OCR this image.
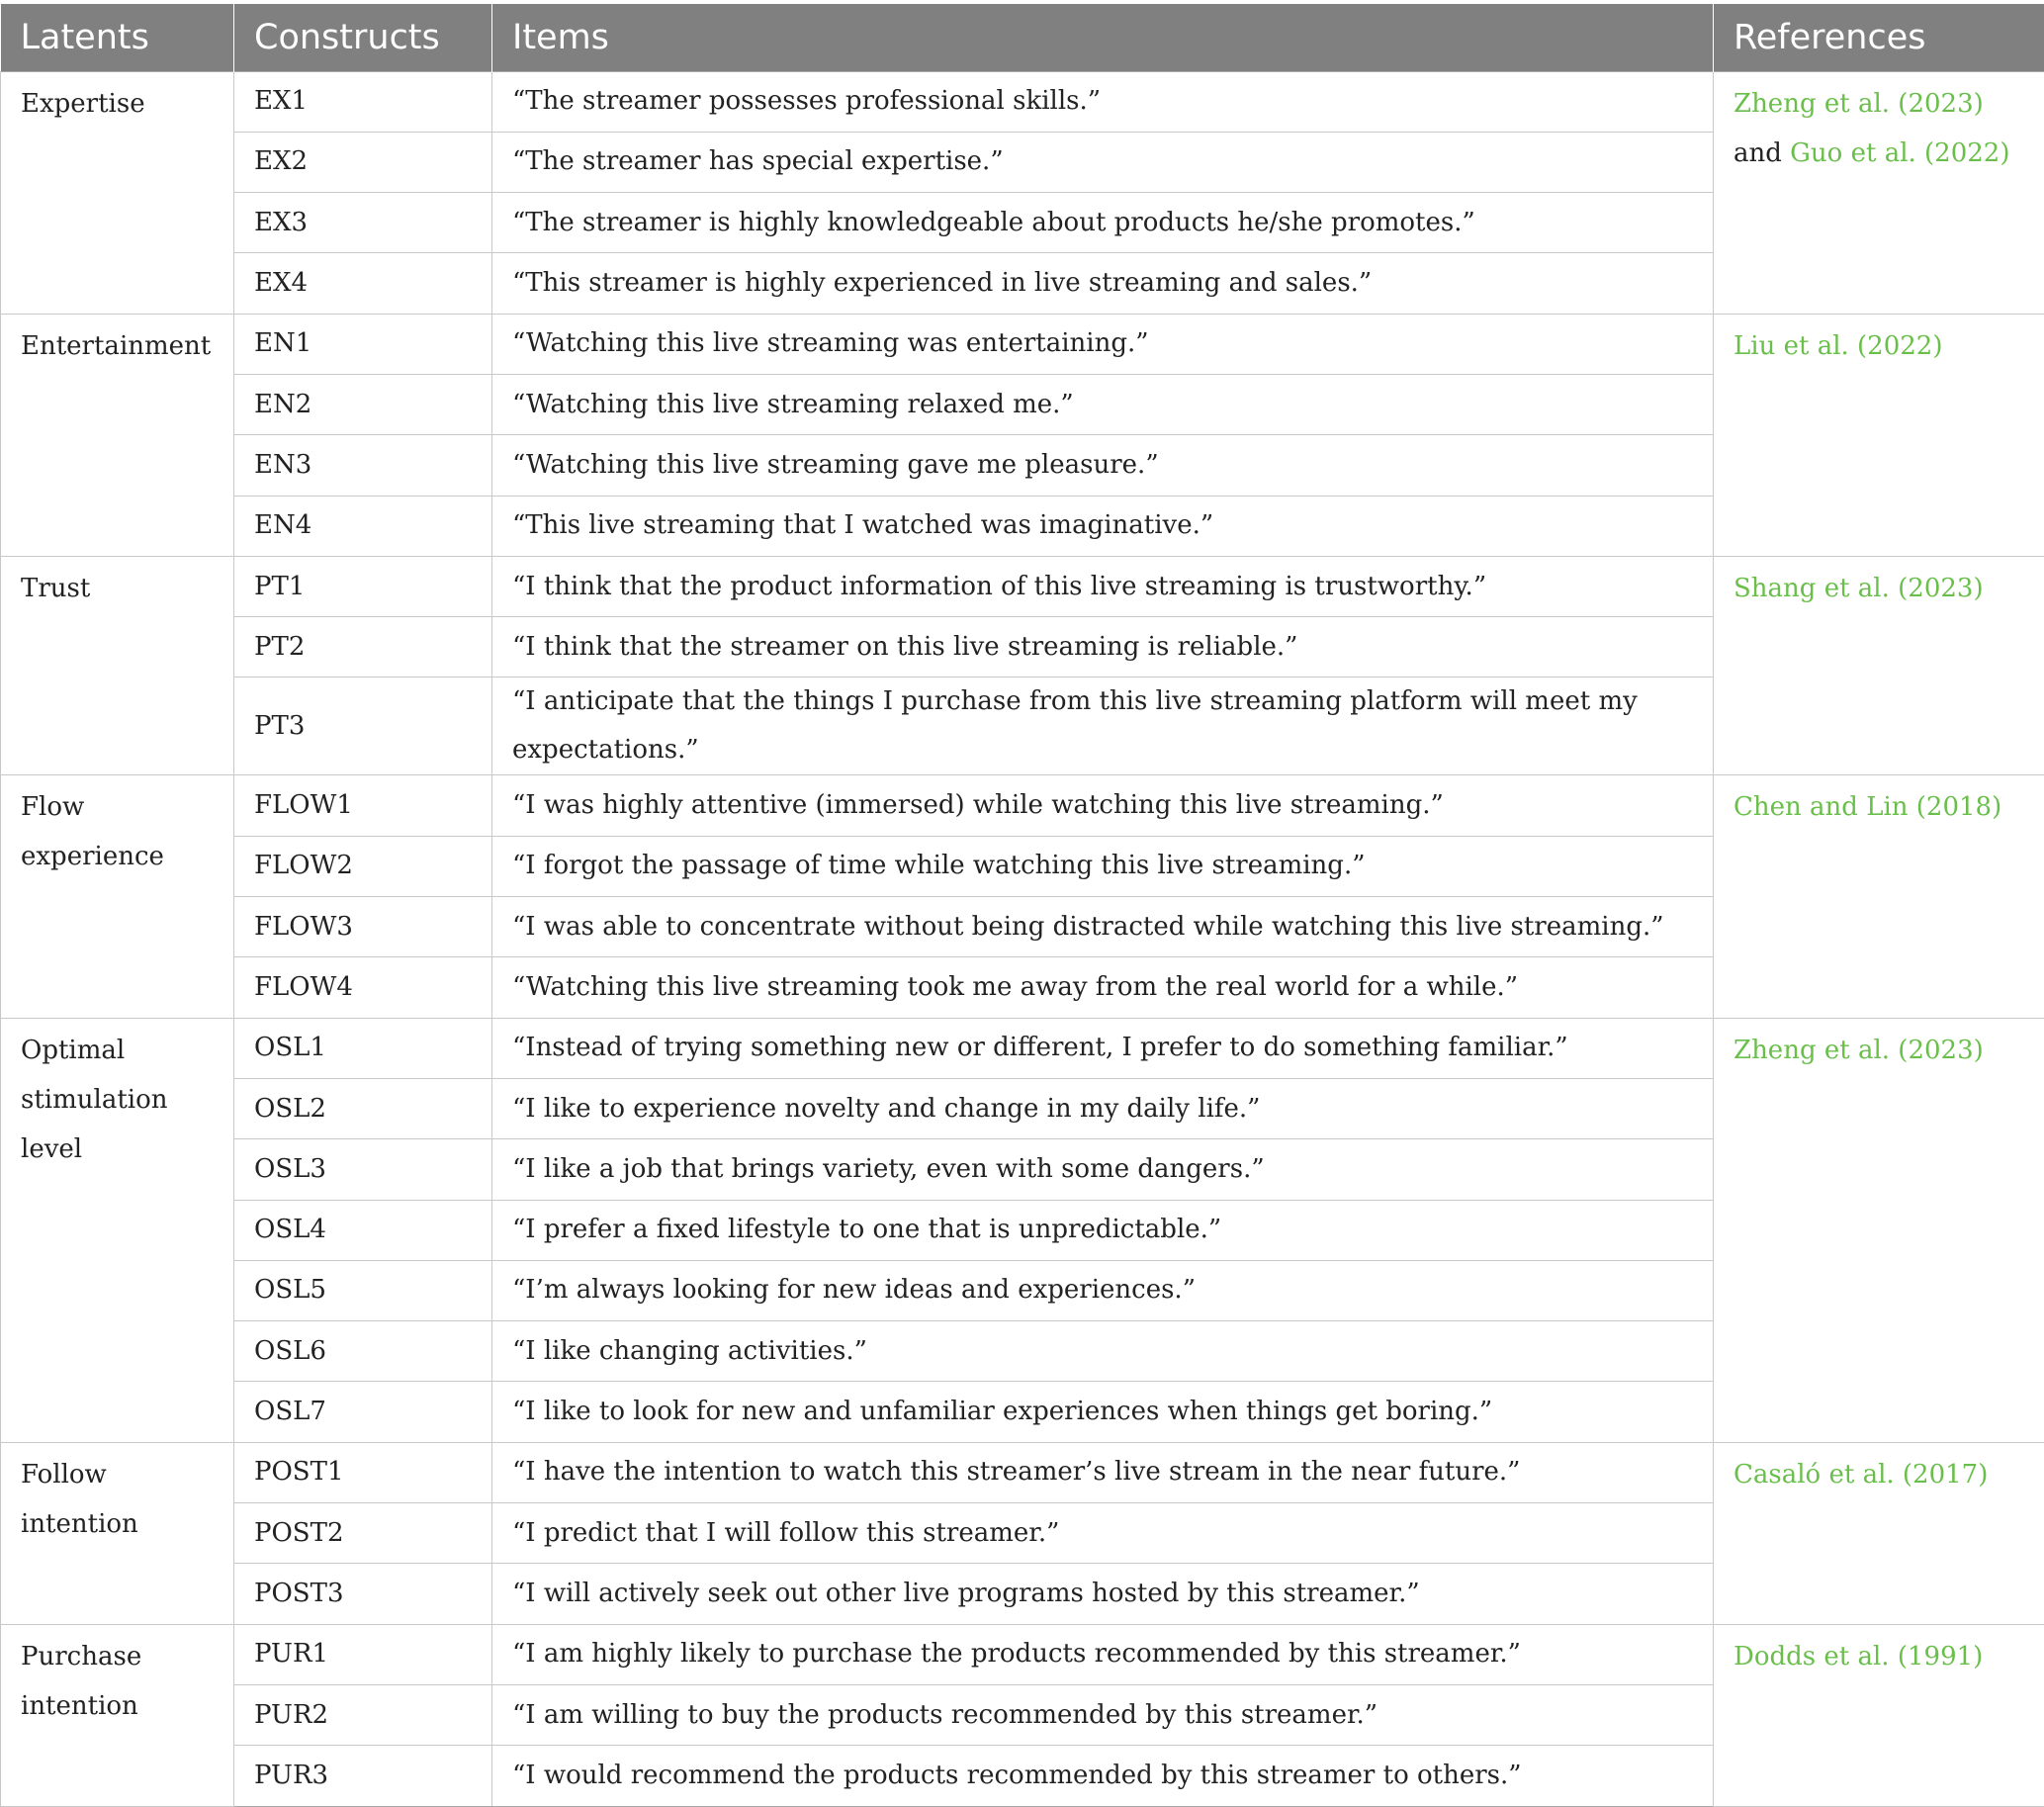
Latents	Constructs	Items	References
Expertise	EX1	“The streamer possesses professional skills.”	Zheng et al. (2023) and Guo et al. (2022)
	EX2	“The streamer has special expertise.”	
	EX3	“The streamer is highly knowledgeable about products he/she promotes.”	
	EX4	“This streamer is highly experienced in live streaming and sales.”	
Entertainment	EN1	“Watching this live streaming was entertaining.”	Liu et al. (2022)
	EN2	“Watching this live streaming relaxed me.”	
	EN3	“Watching this live streaming gave me pleasure.”	
	EN4	“This live streaming that I watched was imaginative.”	
Trust	PT1	“I think that the product information of this live streaming is trustworthy.”	Shang et al. (2023)
	PT2	“I think that the streamer on this live streaming is reliable.”	
	PT3	“I anticipate that the things I purchase from this live streaming platform will meet my expectations.”	
Flow experience	FLOW1	“I was highly attentive (immersed) while watching this live streaming.”	Chen and Lin (2018)
	FLOW2	“I forgot the passage of time while watching this live streaming.”	
	FLOW3	“I was able to concentrate without being distracted while watching this live streaming.”	
	FLOW4	“Watching this live streaming took me away from the real world for a while.”	
Optimal stimulation level	OSL1	“Instead of trying something new or different, I prefer to do something familiar.”	Zheng et al. (2023)
	OSL2	“I like to experience novelty and change in my daily life.”	
	OSL3	“I like a job that brings variety, even with some dangers.”	
	OSL4	“I prefer a fixed lifestyle to one that is unpredictable.”	
	OSL5	“I’m always looking for new ideas and experiences.”	
	OSL6	“I like changing activities.”	
	OSL7	“I like to look for new and unfamiliar experiences when things get boring.”	
Follow intention	POST1	“I have the intention to watch this streamer’s live stream in the near future.”	Casaló et al. (2017)
	POST2	“I predict that I will follow this streamer.”	
	POST3	“I will actively seek out other live programs hosted by this streamer.”	
Purchase intention	PUR1	“I am highly likely to purchase the products recommended by this streamer.”	Dodds et al. (1991)
	PUR2	“I am willing to buy the products recommended by this streamer.”	
	PUR3	“I would recommend the products recommended by this streamer to others.”	
